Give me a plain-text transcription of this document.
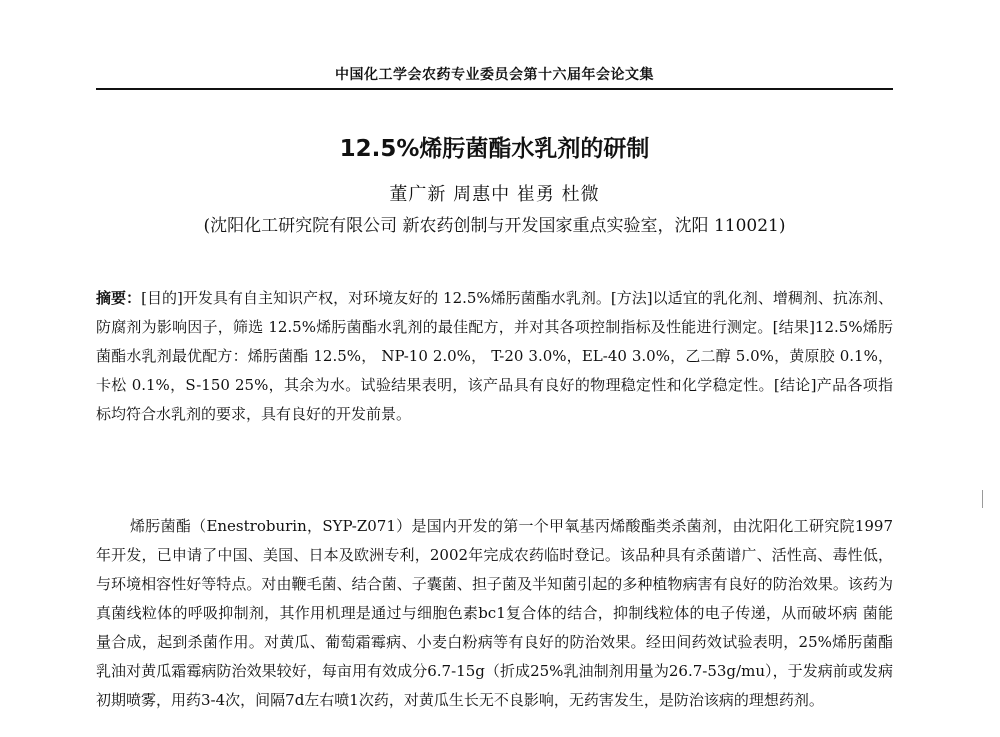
中国化工学会农药专业委员会第十六届年会论文集
12.5%烯肟菌酯水乳剂的研制
董广新 周惠中 崔勇 杜微
(沈阳化工研究院有限公司 新农药创制与开发国家重点实验室，沈阳 110021)
摘要：[目的]开发具有自主知识产权，对环境友好的 12.5%烯肟菌酯水乳剂。[方法]以适宜的乳化剂、增稠剂、抗冻剂、防腐剂为影响因子，筛选 12.5%烯肟菌酯水乳剂的最佳配方，并对其各项控制指标及性能进行测定。[结果]12.5%烯肟菌酯水乳剂最优配方：烯肟菌酯 12.5%， NP-10 2.0%， T-20 3.0%，EL-40 3.0%，乙二醇 5.0%，黄原胶 0.1%，卡松 0.1%，S-150 25%，其余为水。试验结果表明，该产品具有良好的物理稳定性和化学稳定性。[结论]产品各项指标均符合水乳剂的要求，具有良好的开发前景。
烯肟菌酯（Enestroburin，SYP-Z071）是国内开发的第一个甲氧基丙烯酸酯类杀菌剂，由沈阳化工研究院1997年开发，已申请了中国、美国、日本及欧洲专利，2002年完成农药临时登记。该品种具有杀菌谱广、活性高、毒性低，与环境相容性好等特点。对由鞭毛菌、结合菌、子囊菌、担子菌及半知菌引起的多种植物病害有良好的防治效果。该药为真菌线粒体的呼吸抑制剂，其作用机理是通过与细胞色素bc1复合体的结合，抑制线粒体的电子传递，从而破坏病 菌能量合成，起到杀菌作用。对黄瓜、葡萄霜霉病、小麦白粉病等有良好的防治效果。经田间药效试验表明，25%烯肟菌酯乳油对黄瓜霜霉病防治效果较好，每亩用有效成分6.7-15g（折成25%乳油制剂用量为26.7-53g/mu），于发病前或发病初期喷雾，用药3-4次，间隔7d左右喷1次药，对黄瓜生长无不良影响，无药害发生，是防治该病的理想药剂。
